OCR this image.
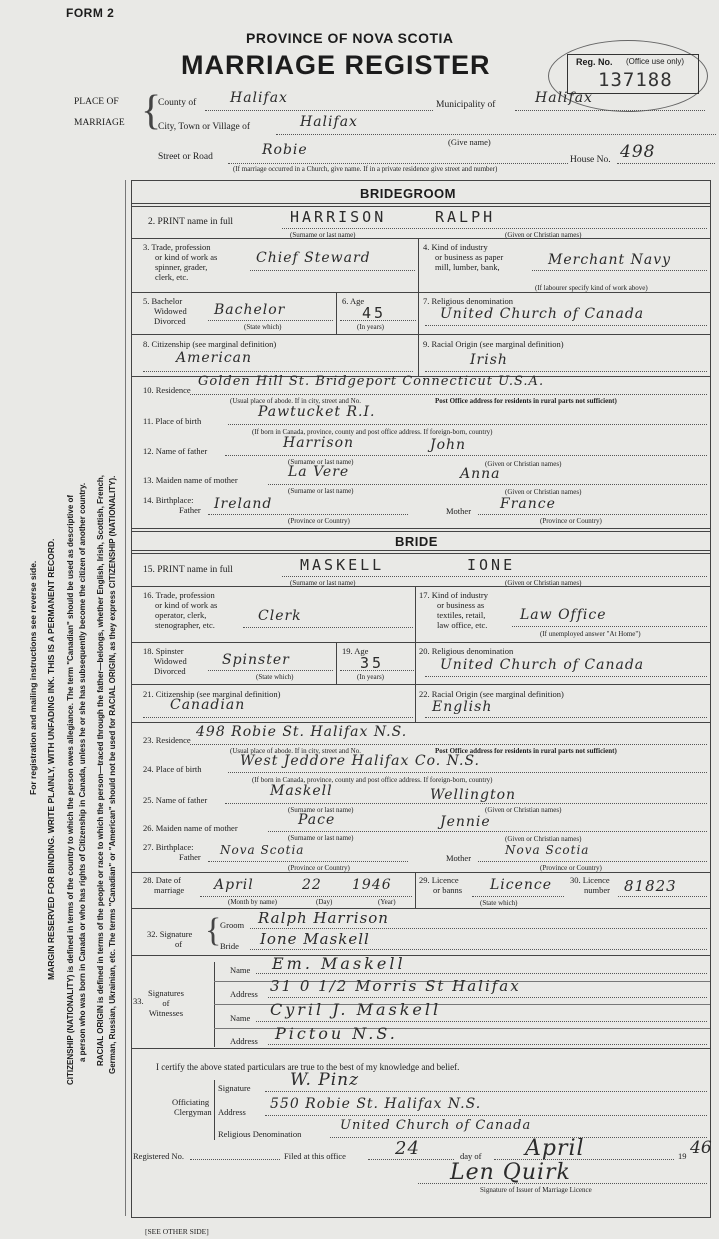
FORM 2
PROVINCE OF NOVA SCOTIA
MARRIAGE REGISTER	Reg. No. (Office use only)
137188
PLACE OF
MARRIAGE {
County of Halifax	Municipality of	Halifax
City, Town or Village of	Halifax
(Give name)
Street or Road	Robie
House No. 498
(If marriage occurred in a Church, give name. If in a private residence give street and number)
For registration and mailing instructions see reverse side. MARGIN RESERVED FOR BINDING. WRITE PLAINLY, WITH UNFADING INK. THIS IS A PERMANENT RECORD. CITIZENSHIP (NATIONALITY) is defined in terms of the country to which the person owes allegiance. The term "Canadian" should be used as descriptive of a person who was born in Canada or who has rights of Citizenship in Canada, unless he or she has subsequently become the citizen of another country. RACIAL ORIGIN is defined in terms of the people or race to which the person—traced through the father—belongs, whether English, Irish, Scottish, French, German, Russian, Ukrainian, etc. The terms "Canadian" or "American" should not be used for RACIAL ORIGIN, as they express CITIZENSHIP (NATIONALITY).
BRIDEGROOM
2. PRINT name in full	HARRISON	RALPH
(Surname or last name)	(Given or Christian names)
3. Trade, profession
or kind of work as
spinner, grader,
clerk, etc.
Chief Steward
4. Kind of industry
or business as paper
mill, lumber, bank,	Merchant Navy
(If labourer specify kind of work above)
5. Bachelor
Widowed
Divorced
Bachelor
(State which)
6. Age
45
(In years)
7. Religious denomination
United Church of Canada
8. Citizenship (see marginal definition)
American
9. Racial Origin (see marginal definition)
Irish
10. Residence
Golden Hill St. Bridgeport Connecticut U.S.A.
(Usual place of abode. If in city, street and No.	Post Office address for residents in rural parts not sufficient)
11. Place of birth
Pawtucket R.I.
(If born in Canada, province, county and post office address. If foreign-born, country)
12. Name of father	Harrison	John
(Surname or last name)	(Given or Christian names)
13. Maiden name of mother	La Vere	Anna
(Surname or last name)	(Given or Christian names)
14. Birthplace:
Father Ireland
(Province or Country)
Mother France
(Province or Country)
BRIDE
15. PRINT name in full	MASKELL	IONE
(Surname or last name)	(Given or Christian names)
16. Trade, profession
or kind of work as
operator, clerk,
stenographer, etc.
Clerk
17. Kind of industry
or business as
textiles, retail,
law office, etc.
Law Office
(If unemployed answer "At Home")
18. Spinster
Widowed
Divorced
Spinster
(State which)
19. Age
35
(In years)
20. Religious denomination
United Church of Canada
21. Citizenship (see marginal definition)
Canadian
22. Racial Origin (see marginal definition)
English
23. Residence 498 Robie St. Halifax N.S.
(Usual place of abode. If in city, street and No.	Post Office address for residents in rural parts not sufficient)
24. Place of birth	West Jeddore Halifax Co. N.S.
(If born in Canada, province, county and post office address. If foreign-born, country)
25. Name of father
Maskell	Wellington
(Surname or last name)	(Given or Christian names)
26. Maiden name of mother	Pace	Jennie
(Surname or last name)	(Given or Christian names)
27. Birthplace:
Father Nova Scotia
(Province or Country)
Mother
Nova Scotia
(Province or Country)
28. Date of
marriage April	22 1946
(Month by name)	(Day)	(Year)
29. Licence
or banns Licence
(State which)
30. Licence
number 81823
32. Signature
of {
Groom Ralph Harrison
Bride Ione Maskell
33.
Signatures
of
Witnesses
Name Em. Maskell
Address 31 0 1/2 Morris St Halifax
Name Cyril J. Maskell
Address Pictou N.S.
I certify the above stated particulars are true to the best of my knowledge and belief.
Officiating
Clergyman
Signature W. Pinz
Address 550 Robie St. Halifax N.S.
Religious Denomination
United Church of Canada
Registered No.	Filed at this office	24	day of April	19 46
Len Quirk
Signature of Issuer of Marriage Licence
[SEE OTHER SIDE]
